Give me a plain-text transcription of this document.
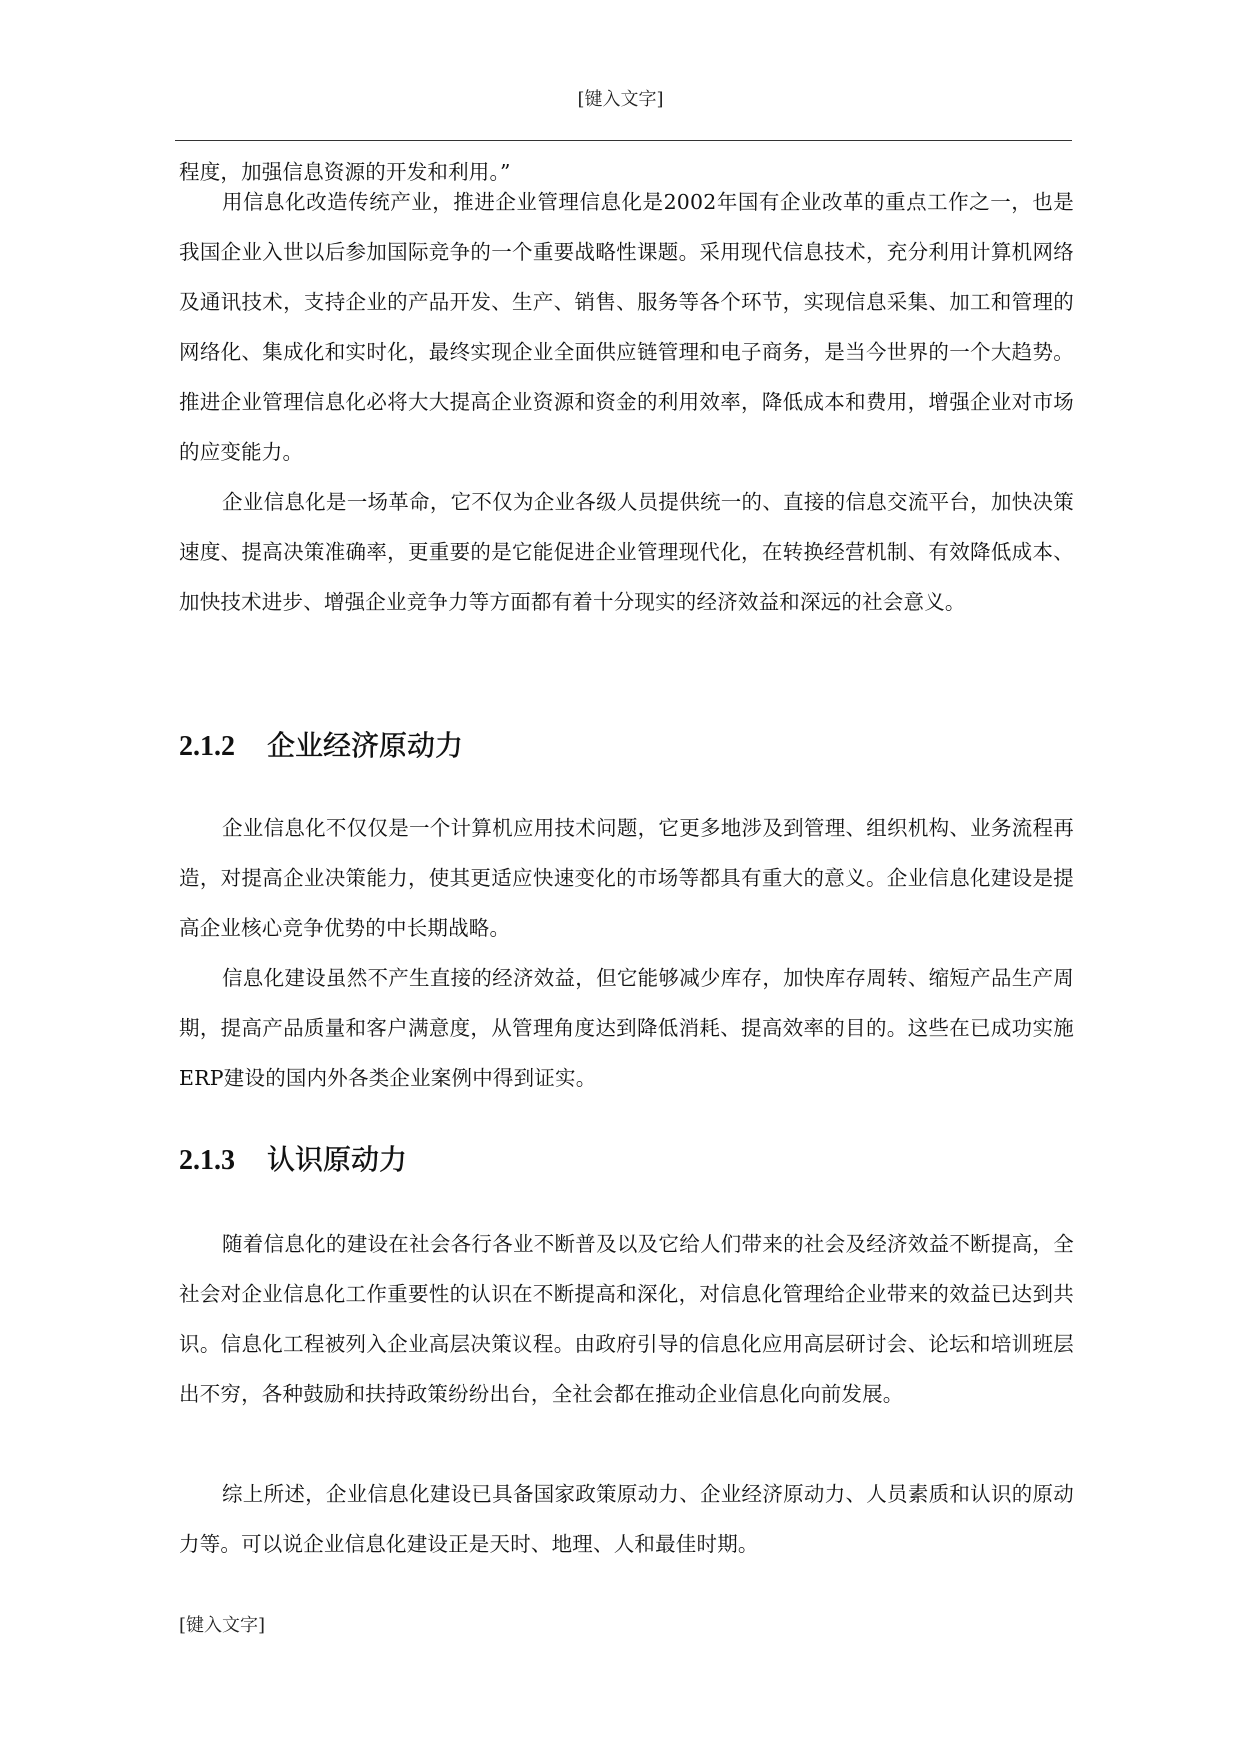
[键入文字]

程度，加强信息资源的开发和利用。”

用信息化改造传统产业，推进企业管理信息化是2002年国有企业改革的重点工作之一，也是我国企业入世以后参加国际竞争的一个重要战略性课题。采用现代信息技术，充分利用计算机网络及通讯技术，支持企业的产品开发、生产、销售、服务等各个环节，实现信息采集、加工和管理的网络化、集成化和实时化，最终实现企业全面供应链管理和电子商务，是当今世界的一个大趋势。推进企业管理信息化必将大大提高企业资源和资金的利用效率，降低成本和费用，增强企业对市场的应变能力。

企业信息化是一场革命，它不仅为企业各级人员提供统一的、直接的信息交流平台，加快决策速度、提高决策准确率，更重要的是它能促进企业管理现代化，在转换经营机制、有效降低成本、加快技术进步、增强企业竞争力等方面都有着十分现实的经济效益和深远的社会意义。

2.1.2 企业经济原动力

企业信息化不仅仅是一个计算机应用技术问题，它更多地涉及到管理、组织机构、业务流程再造，对提高企业决策能力，使其更适应快速变化的市场等都具有重大的意义。企业信息化建设是提高企业核心竞争优势的中长期战略。

信息化建设虽然不产生直接的经济效益，但它能够减少库存，加快库存周转、缩短产品生产周期，提高产品质量和客户满意度，从管理角度达到降低消耗、提高效率的目的。这些在已成功实施ERP建设的国内外各类企业案例中得到证实。

2.1.3 认识原动力

随着信息化的建设在社会各行各业不断普及以及它给人们带来的社会及经济效益不断提高，全社会对企业信息化工作重要性的认识在不断提高和深化，对信息化管理给企业带来的效益已达到共识。信息化工程被列入企业高层决策议程。由政府引导的信息化应用高层研讨会、论坛和培训班层出不穷，各种鼓励和扶持政策纷纷出台，全社会都在推动企业信息化向前发展。

综上所述，企业信息化建设已具备国家政策原动力、企业经济原动力、人员素质和认识的原动力等。可以说企业信息化建设正是天时、地理、人和最佳时期。

[键入文字]
